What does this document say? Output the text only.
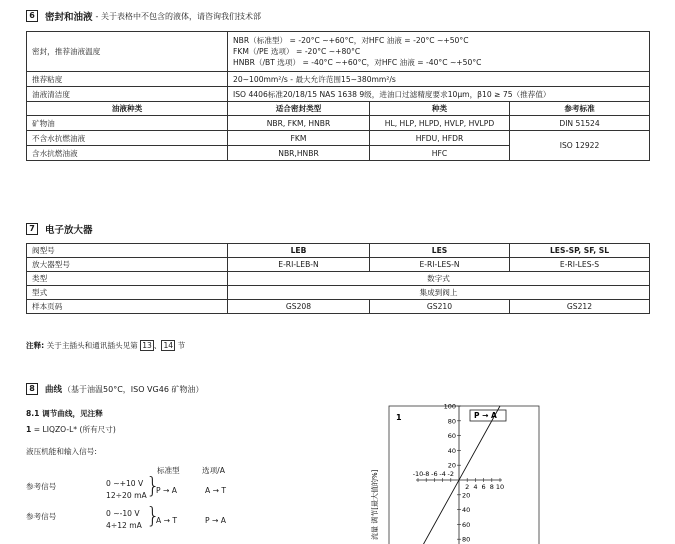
6	密封和油液 - 关于表格中不包含的液体，请咨询我们技术部
密封，推荐油液温度	NBR（标准型） = -20°C ~+60°C，对HFC 油液 = -20°C ~+50°C
FKM（/PE 选项） = -20°C ~+80°C
HNBR（/BT 选项） = -40°C ~+60°C，对HFC 油液 = -40°C ~+50°C		

推荐粘度	20~100mm²/s - 最大允许范围15~380mm²/s		
油液清洁度	ISO 4406标准20/18/15 NAS 1638 9级，进油口过滤精度要求10μm，β10 ≥ 75（推荐值）		
油液种类	适合密封类型	种类	参考标准
矿物油	NBR, FKM, HNBR	HL, HLP, HLPD, HVLP, HVLPD	DIN 51524
不含水抗燃油液	FKM	HFDU, HFDR	ISO 12922
含水抗燃油液	NBR,HNBR	HFC	
7	电子放大器
阀型号	LEB	LES	LES-SP, SF, SL
放大器型号	E-RI-LEB-N	E-RI-LES-N	E-RI-LES-S
类型	数字式		
型式	集成到阀上		
样本页码	GS208	GS210	GS212
注释: 关于主插头和通讯插头见第 13 、 14 节
8	曲线 （基于油温50°C，ISO VG46 矿物油）
8.1 调节曲线，见注释
1 = LIQZO-L* (所有尺寸)
液压机能和输入信号:
标准型	选项/A
参考信号	0 ~+10 V
12÷20 mA }
P → A	A → T
参考信号	0 ~-10 V
4÷12 mA }
A → T	P → A
-10 -8 -6 -4 -2
2 4 6 8 10
20
40
60
80
100
20
40
60
80
1
流量 调节[最大值的%]
P → A
